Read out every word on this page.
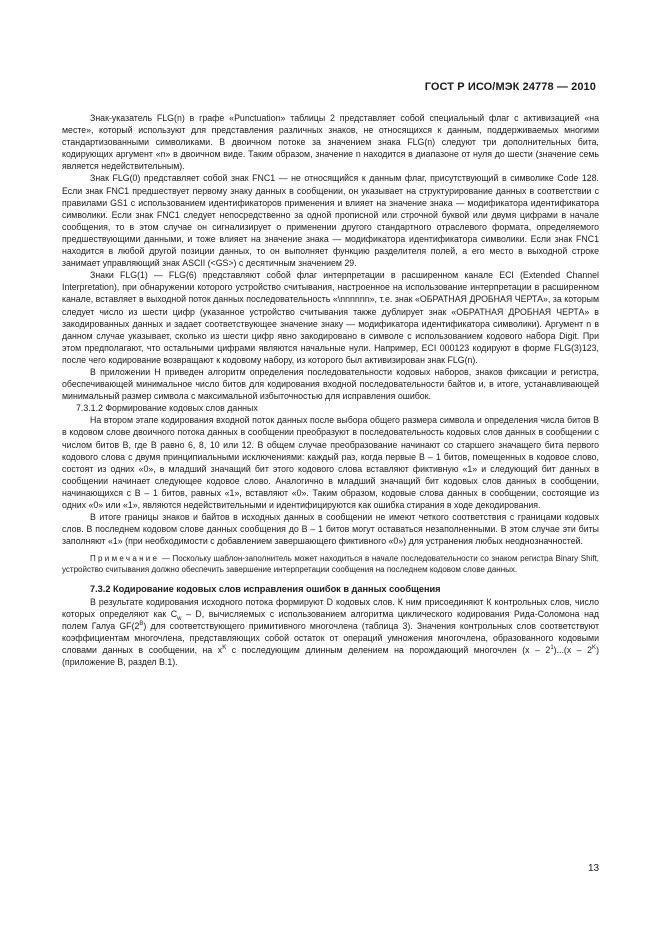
ГОСТ Р ИСО/МЭК 24778 — 2010

Знак-указатель FLG(n) в графе «Punctuation» таблицы 2 представляет собой специальный флаг с активизацией «на месте», который используют для представления различных знаков, не относящихся к данным, поддерживаемых многими стандартизованными символиками. В двоичном потоке за значением знака FLG(n) следуют три дополнительных бита, кодирующих аргумент «n» в двоичном виде. Таким образом, значение n находится в диапазоне от нуля до шести (значение семь является недействительным).

Знак FLG(0) представляет собой знак FNC1 — не относящийся к данным флаг, присутствующий в символике Code 128. Если знак FNC1 предшествует первому знаку данных в сообщении, он указывает на структурирование данных в соответствии с правилами GS1 с использованием идентификаторов применения и влияет на значение знака — модификатора идентификатора символики. Если знак FNC1 следует непосредственно за одной прописной или строчной буквой или двумя цифрами в начале сообщения, то в этом случае он сигнализирует о применении другого стандартного отраслевого формата, определяемого предшествующими данными, и тоже влияет на значение знака — модификатора идентификатора символики. Если знак FNC1 находится в любой другой позиции данных, то он выполняет функцию разделителя полей, а его место в выходной строке занимает управляющий знак ASCII (<GS>) с десятичным значением 29.

Знаки FLG(1) — FLG(6) представляют собой флаг интерпретации в расширенном канале ECI (Extended Channel Interpretation), при обнаружении которого устройство считывания, настроенное на использование интерпретации в расширенном канале, вставляет в выходной поток данных последовательность «\nnnnnn», т.е. знак «ОБРАТНАЯ ДРОБНАЯ ЧЕРТА», за которым следует число из шести цифр (указанное устройство считывания также дублирует знак «ОБРАТНАЯ ДРОБНАЯ ЧЕРТА» в закодированных данных и задает соответствующее значение знаку — модификатора идентификатора символики). Аргумент n в данном случае указывает, сколько из шести цифр явно закодировано в символе с использованием кодового набора Digit. При этом предполагают, что остальными цифрами являются начальные нули. Например, ECI 000123 кодируют в форме FLG(3)123, после чего кодирование возвращают к кодовому набору, из которого был активизирован знак FLG(n).

В приложении Н приведен алгоритм определения последовательности кодовых наборов, знаков фиксации и регистра, обеспечивающей минимальное число битов для кодирования входной последовательности байтов и, в итоге, устанавливающей минимальный размер символа с максимальной избыточностью для исправления ошибок.

7.3.1.2 Формирование кодовых слов данных

На втором этапе кодирования входной поток данных после выбора общего размера символа и определения числа битов В в кодовом слове двоичного потока данных в сообщении преобразуют в последовательность кодовых слов данных в сообщении с числом битов В, где В равно 6, 8, 10 или 12. В общем случае преобразование начинают со старшего значащего бита первого кодового слова с двумя принципиальными исключениями: каждый раз, когда первые В – 1 битов, помещенных в кодовое слово, состоят из одних «0», в младший значащий бит этого кодового слова вставляют фиктивную «1» и следующий бит данных в сообщении начинает следующее кодовое слово. Аналогично в младший значащий бит кодовых слов данных в сообщении, начинающихся с В – 1 битов, равных «1», вставляют «0». Таким образом, кодовые слова данных в сообщении, состоящие из одних «0» или «1», являются недействительными и идентифицируются как ошибка стирания в ходе декодирования.

В итоге границы знаков и байтов в исходных данных в сообщении не имеют четкого соответствия с границами кодовых слов. В последнем кодовом слове данных сообщения до В – 1 битов могут оставаться незаполненными. В этом случае эти биты заполняют «1» (при необходимости с добавлением завершающего фиктивного «0») для устранения любых неоднозначностей.

Примечание — Поскольку шаблон-заполнитель может находиться в начале последовательности со знаком регистра Binary Shift, устройство считывания должно обеспечить завершение интерпретации сообщения на последнем кодовом слове данных.

7.3.2 Кодирование кодовых слов исправления ошибок в данных сообщения

В результате кодирования исходного потока формируют D кодовых слов. К ним присоединяют К контрольных слов, число которых определяют как $C_w$ – D, вычисляемых с использованием алгоритма циклического кодирования Рида-Соломона над полем Галуа $GF(2^B)$ для соответствующего примитивного многочлена (таблица 3). Значения контрольных слов соответствуют коэффициентам многочлена, представляющих собой остаток от операций умножения многочлена, образованного кодовыми словами данных в сообщении, на $x^K$ с последующим длинным делением на порождающий многочлен $(x - 2^1)...(x - 2^K)$ (приложение В, раздел В.1).

13
